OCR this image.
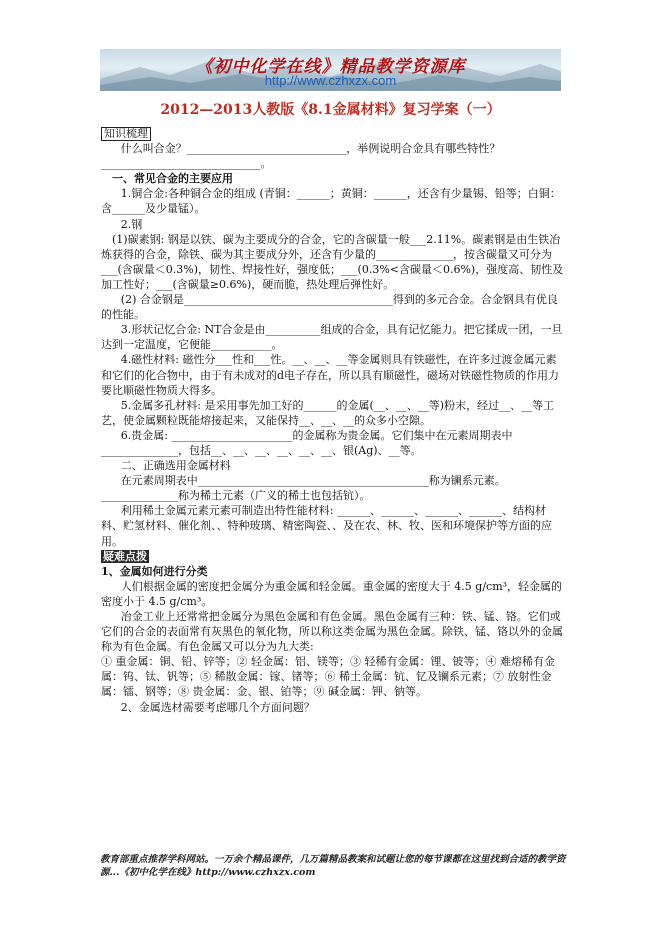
《初中化学在线》精品教学资源库
http://www.czhxzx.com
2012—2013人教版《8.1金属材料》复习学案（一）

知识梳理

什么叫合金？_____________________________，举例说明合金具有哪些特性？_____________________________。

一、常见合金的主要应用

1.铜合金:各种铜合金的组成 (青铜：______；黄铜：______，还含有少量锡、铅等；白铜：含______及少量锰）。

2.钢

(1)碳素钢: 钢是以铁、碳为主要成分的合金，它的含碳量一般___2.11%。碳素钢是由生铁冶炼获得的合金，除铁、碳为其主要成分外，还含有少量的______________，按含碳量又可分为___(含碳量＜0.3%)，韧性、焊接性好，强度低；___(0.3%<含碳量＜0.6%)，强度高、韧性及加工性好；___(含碳量≥0.6%)，硬而脆，热处理后弹性好。

(2) 合金钢是______________________________________得到的多元合金。合金钢具有优良的性能。

3.形状记忆合金: NT合金是由__________组成的合金，具有记忆能力。把它揉成一团，一旦达到一定温度，它便能___________。

4.磁性材料: 磁性分___性和___性。__、__、__等金属则具有铁磁性，在许多过渡金属元素和它们的化合物中，由于有未成对的d电子存在，所以具有顺磁性，磁场对铁磁性物质的作用力要比顺磁性物质大得多。

5.金属多孔材料: 是采用事先加工好的______的金属(__、__、__等)粉末，经过__、__等工艺，使金属颗粒既能熔接起来，又能保持__、__、__的众多小空隙。

6.贵金属: ______________________的金属称为贵金属。它们集中在元素周期表中______________，包括__、__、__、__、__、__、银(Ag)、__等。

二、正确选用金属材料

在元素周期表中__________________________________________称为镧系元素。______________称为稀土元素（广义的稀土也包括钪）。

利用稀土金属元素元素可制造出特性能材料: ______、______、______、______、结构材料、贮氢材料、催化剂、、特种玻璃、精密陶瓷、、及在农、林、牧、医和环境保护等方面的应用。

疑难点拨

1、金属如何进行分类

人们根据金属的密度把金属分为重金属和轻金属。重金属的密度大于 4.5 g/cm³，轻金属的密度小于 4.5 g/cm³。

冶金工业上还常常把金属分为黑色金属和有色金属。黑色金属有三种：铁、锰、铬。它们或它们的合金的表面常有灰黑色的氧化物，所以称这类金属为黑色金属。除铁、锰、铬以外的金属称为有色金属。有色金属又可以分为九大类:

① 重金属：铜、铅、锌等；② 轻金属：铝、镁等；③ 轻稀有金属：锂、铍等；④ 难熔稀有金属：钨、钛、钒等；⑤ 稀散金属：镓、锗等；⑥ 稀土金属：钪、钇及镧系元素；⑦ 放射性金属：镭、钢等；⑧ 贵金属：金、银、铂等；⑨ 碱金属：钾、钠等。

2、金属选材需要考虑哪几个方面问题？

教育部重点推荐学科网站。一万余个精品课件，几万篇精品教案和试题让您的每节课都在这里找到合适的教学资源...《初中化学在线》http://www.czhxzx.com
